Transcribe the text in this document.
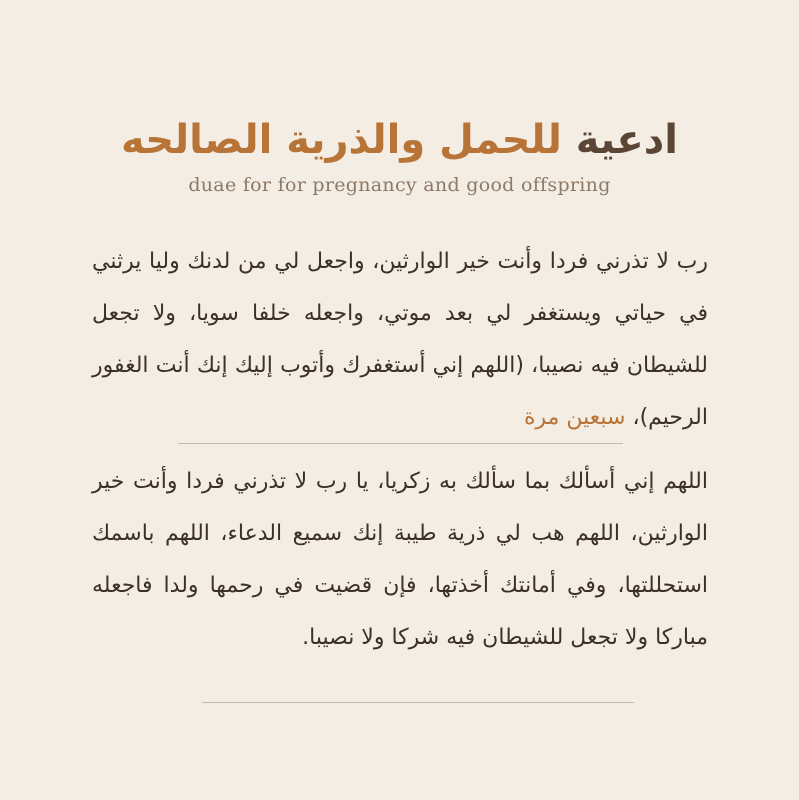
ادعية للحمل والذرية الصالحه
duae for for pregnancy and good offspring
رب لا تذرني فردا وأنت خير الوارثين، واجعل لي من لدنك وليا يرثني في حياتي ويستغفر لي بعد موتي، واجعله خلفا سويا، ولا تجعل للشيطان فيه نصيبا، (اللهم إني أستغفرك وأتوب إليك إنك أنت الغفور الرحيم)، سبعين مرة
اللهم إني أسألك بما سألك به زكريا، يا رب لا تذرني فردا وأنت خير الوارثين، اللهم هب لي ذرية طيبة إنك سميع الدعاء، اللهم باسمك استحللتها، وفي أمانتك أخذتها، فإن قضيت في رحمها ولدا فاجعله مباركا ولا تجعل للشيطان فيه شركا ولا نصيبا.
